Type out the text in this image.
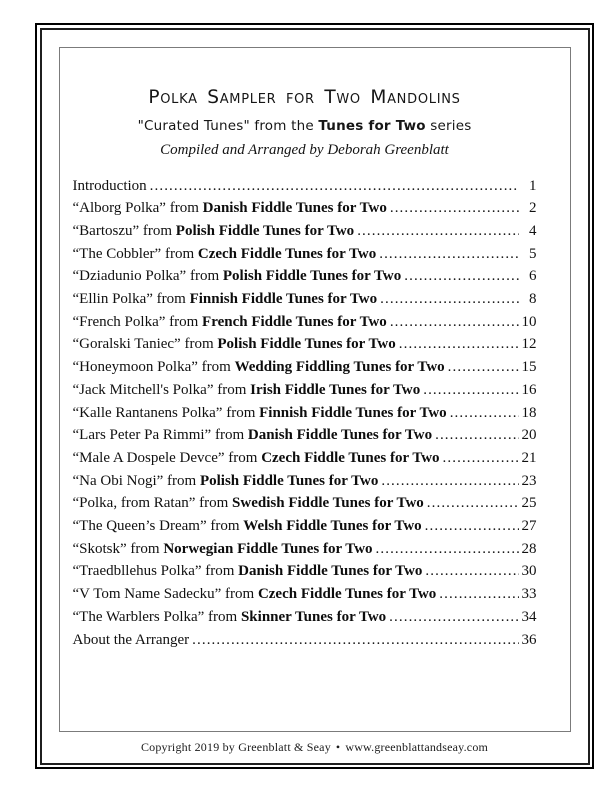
Polka Sampler for Two Mandolins
"Curated Tunes" from the Tunes for Two series
Compiled and Arranged by Deborah Greenblatt
Introduction .....	1
“Alborg Polka” from Danish Fiddle Tunes for Two .....	2
“Bartoszu” from Polish Fiddle Tunes for Two .....	4
“The Cobbler” from Czech Fiddle Tunes for Two .....	5
“Dziadunio Polka” from Polish Fiddle Tunes for Two .....	6
“Ellin Polka” from Finnish Fiddle Tunes for Two .....	8
“French Polka” from French Fiddle Tunes for Two .....	10
“Goralski Taniec” from Polish Fiddle Tunes for Two .....	12
“Honeymoon Polka” from Wedding Fiddling Tunes for Two .....	15
“Jack Mitchell's Polka” from Irish Fiddle Tunes for Two .....	16
“Kalle Rantanens Polka” from Finnish Fiddle Tunes for Two .....	18
“Lars Peter Pa Rimmi” from Danish Fiddle Tunes for Two .....	20
“Male A Dospele Devce” from Czech Fiddle Tunes for Two .....	21
“Na Obi Nogi” from Polish Fiddle Tunes for Two .....	23
“Polka, from Ratan” from Swedish Fiddle Tunes for Two .....	25
“The Queen’s Dream” from Welsh Fiddle Tunes for Two .....	27
“Skotsk” from Norwegian Fiddle Tunes for Two .....	28
“Traedbllehus Polka” from Danish Fiddle Tunes for Two .....	30
“V Tom Name Sadecku” from Czech Fiddle Tunes for Two .....	33
“The Warblers Polka” from Skinner Tunes for Two .....	34
About the Arranger .....	36
Copyright 2019 by Greenblatt & Seay • www.greenblattandseay.com
